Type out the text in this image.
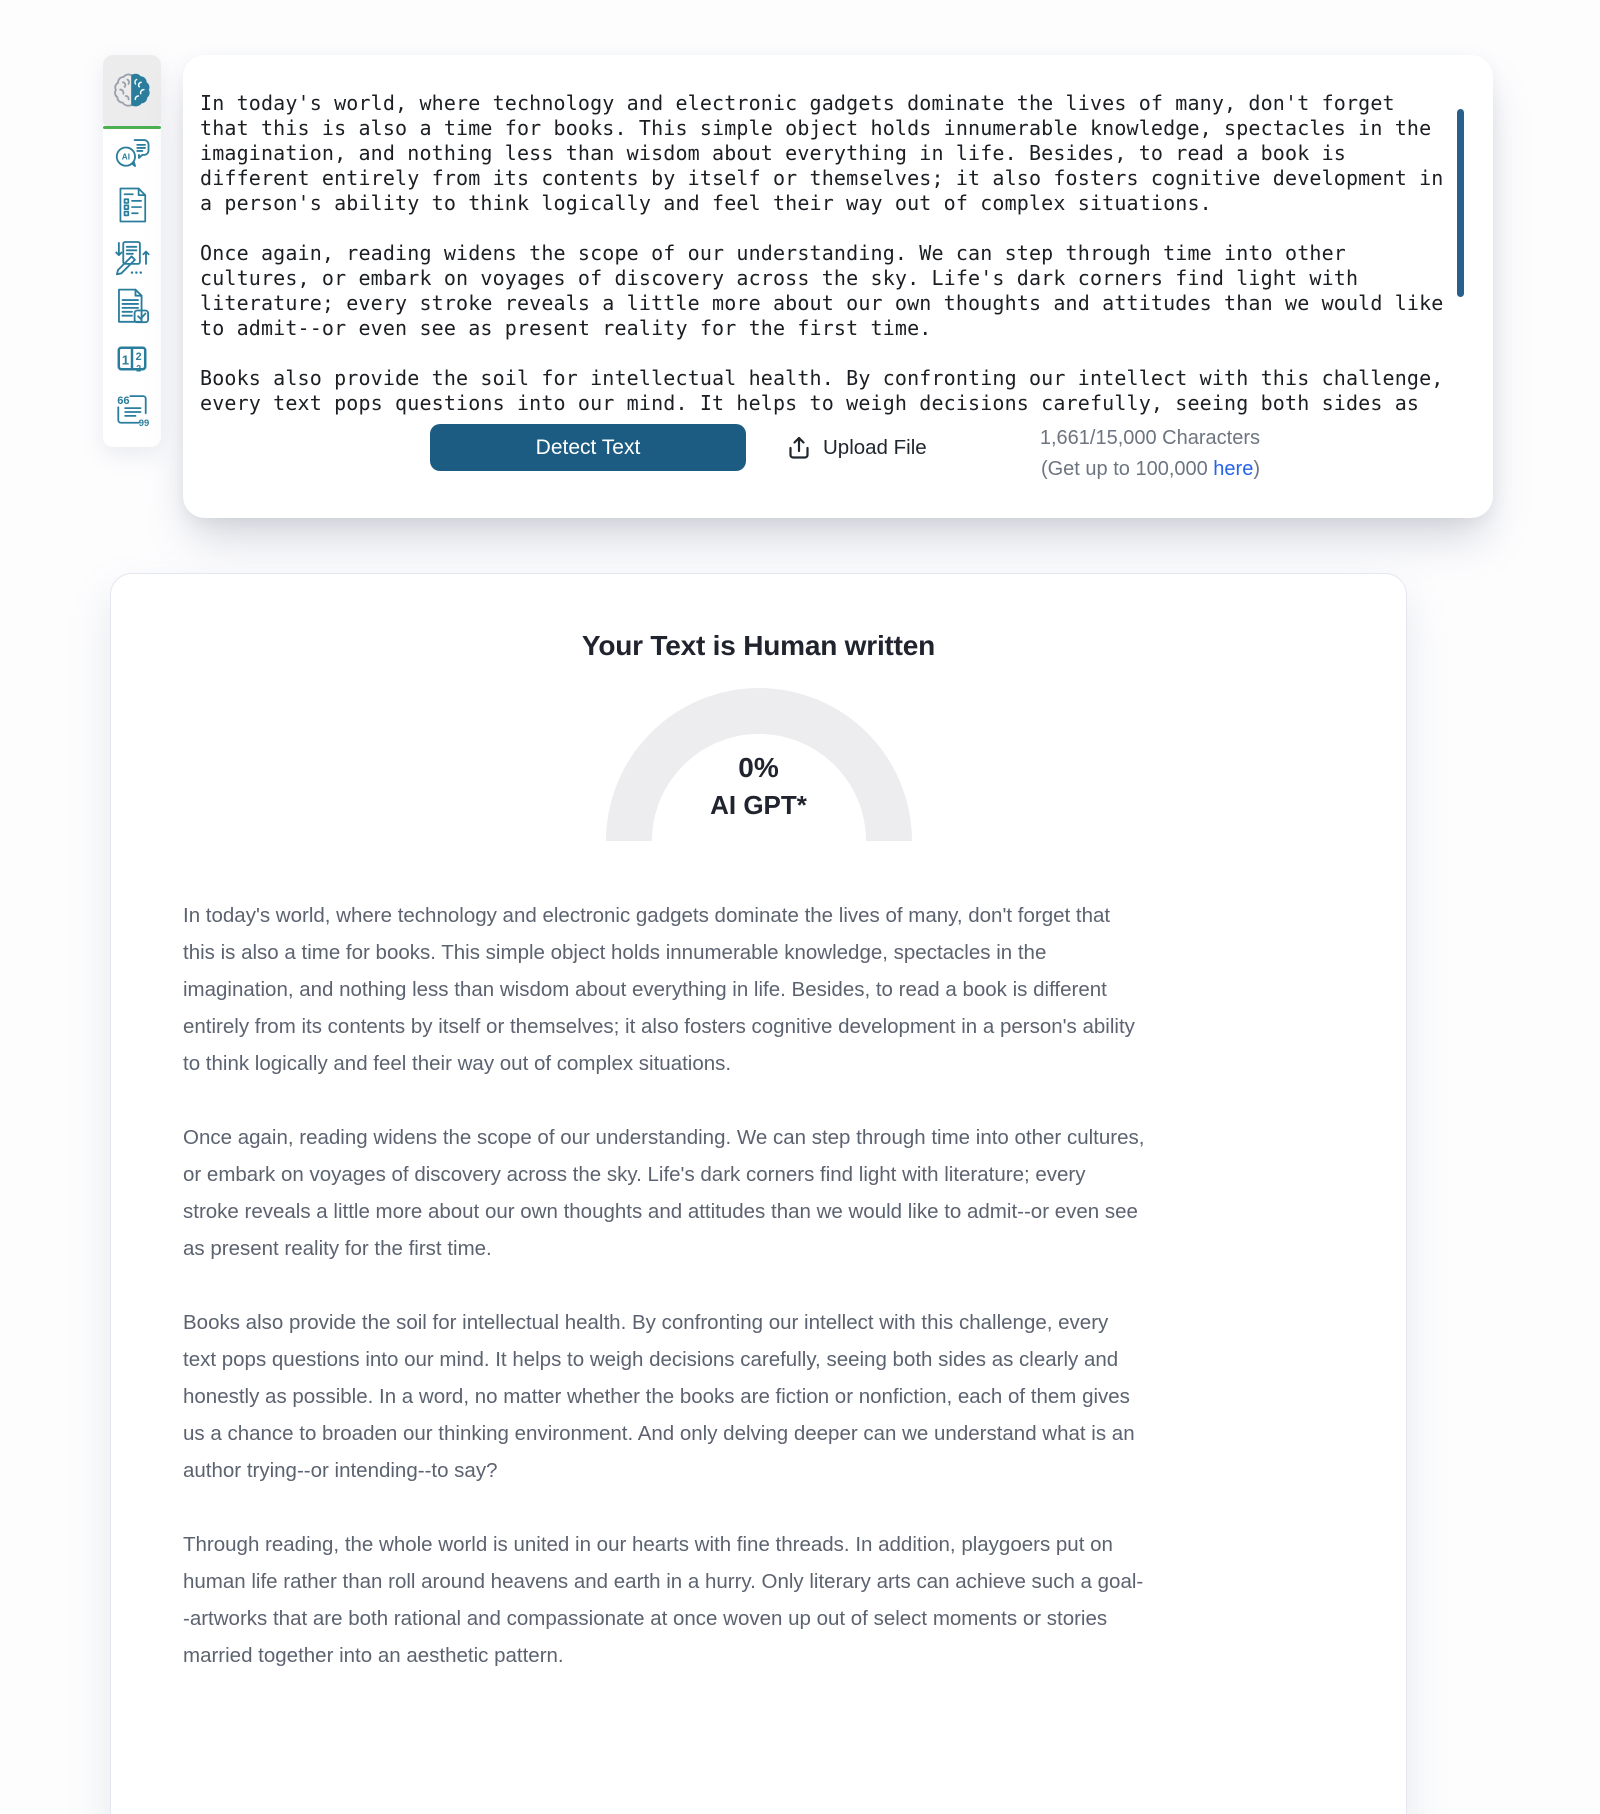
AI
1 2
2
66
99
In today's world, where technology and electronic gadgets dominate the lives of many, don't forget that this is also a time for books. This simple object holds innumerable knowledge, spectacles in the imagination, and nothing less than wisdom about everything in life. Besides, to read a book is different entirely from its contents by itself or themselves; it also fosters cognitive development in a person's ability to think logically and feel their way out of complex situations. Once again, reading widens the scope of our understanding. We can step through time into other cultures, or embark on voyages of discovery across the sky. Life's dark corners find light with literature; every stroke reveals a little more about our own thoughts and attitudes than we would like to admit--or even see as present reality for the first time. Books also provide the soil for intellectual health. By confronting our intellect with this challenge, every text pops questions into our mind. It helps to weigh decisions carefully, seeing both sides as
Detect Text	Upload File	1,661/15,000 Characters
(Get up to 100,000 here)
Your Text is Human written
0%
AI GPT*

In today's world, where technology and electronic gadgets dominate the lives of many, don't forget that this is also a time for books. This simple object holds innumerable knowledge, spectacles in the imagination, and nothing less than wisdom about everything in life. Besides, to read a book is different entirely from its contents by itself or themselves; it also fosters cognitive development in a person's ability to think logically and feel their way out of complex situations.

Once again, reading widens the scope of our understanding. We can step through time into other cultures, or embark on voyages of discovery across the sky. Life's dark corners find light with literature; every stroke reveals a little more about our own thoughts and attitudes than we would like to admit--or even see as present reality for the first time.

Books also provide the soil for intellectual health. By confronting our intellect with this challenge, every text pops questions into our mind. It helps to weigh decisions carefully, seeing both sides as clearly and honestly as possible. In a word, no matter whether the books are fiction or nonfiction, each of them gives us a chance to broaden our thinking environment. And only delving deeper can we understand what is an author trying--or intending--to say?

Through reading, the whole world is united in our hearts with fine threads. In addition, playgoers put on human life rather than roll around heavens and earth in a hurry. Only literary arts can achieve such a goal--artworks that are both rational and compassionate at once woven up out of select moments or stories married together into an aesthetic pattern.
